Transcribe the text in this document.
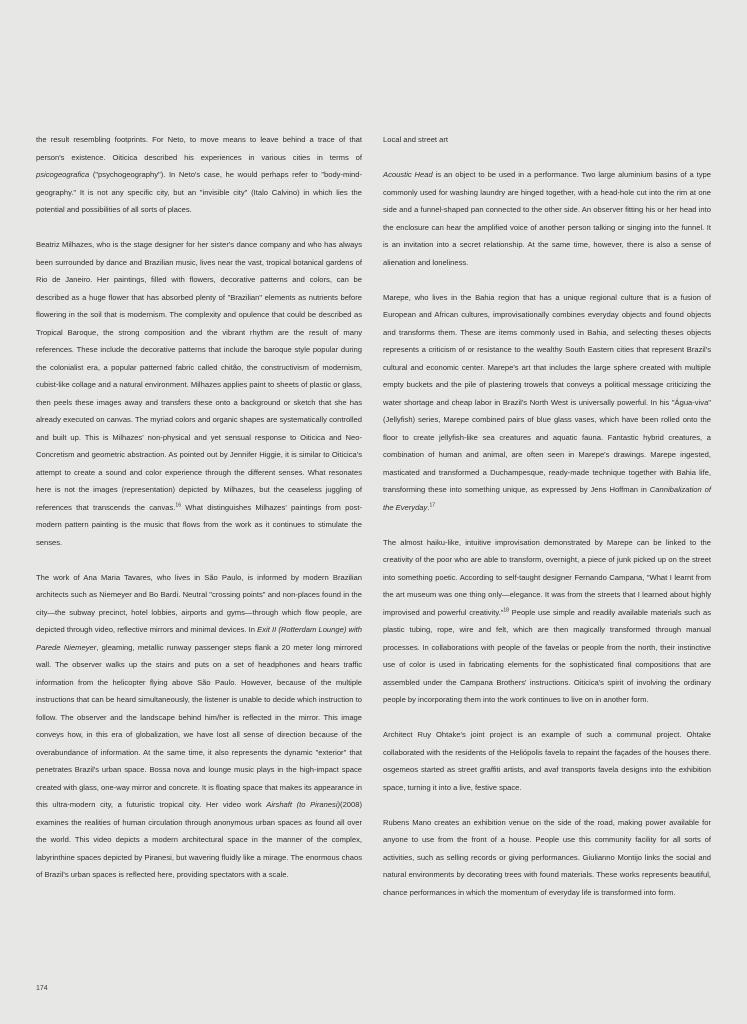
the result resembling footprints. For Neto, to move means to leave behind a trace of that person's existence. Oiticica described his experiences in various cities in terms of psicogeografica ("psychogeography"). In Neto's case, he would perhaps refer to "body-mind-geography." It is not any specific city, but an "invisible city" (Italo Calvino) in which lies the potential and possibilities of all sorts of places.

Beatriz Milhazes, who is the stage designer for her sister's dance company and who has always been surrounded by dance and Brazilian music, lives near the vast, tropical botanical gardens of Rio de Janeiro. Her paintings, filled with flowers, decorative patterns and colors, can be described as a huge flower that has absorbed plenty of "Brazilian" elements as nutrients before flowering in the soil that is modernism. The complexity and opulence that could be described as Tropical Baroque, the strong composition and the vibrant rhythm are the result of many references. These include the decorative patterns that include the baroque style popular during the colonialist era, a popular patterned fabric called chitão, the constructivism of modernism, cubist-like collage and a natural environment. Milhazes applies paint to sheets of plastic or glass, then peels these images away and transfers these onto a background or sketch that she has already executed on canvas. The myriad colors and organic shapes are systematically controlled and built up. This is Milhazes' non-physical and yet sensual response to Oiticica and Neo-Concretism and geometric abstraction. As pointed out by Jennifer Higgie, it is similar to Oiticica's attempt to create a sound and color experience through the different senses. What resonates here is not the images (representation) depicted by Milhazes, but the ceaseless juggling of references that transcends the canvas.$^{16}$ What distinguishes Milhazes' paintings from post-modern pattern painting is the music that flows from the work as it continues to stimulate the senses.

The work of Ana Maria Tavares, who lives in São Paulo, is informed by modern Brazilian architects such as Niemeyer and Bo Bardi. Neutral "crossing points" and non-places found in the city—the subway precinct, hotel lobbies, airports and gyms—through which flow people, are depicted through video, reflective mirrors and minimal devices. In Exit II (Rotterdam Lounge) with Parede Niemeyer, gleaming, metallic runway passenger steps flank a 20 meter long mirrored wall. The observer walks up the stairs and puts on a set of headphones and hears traffic information from the helicopter flying above São Paulo. However, because of the multiple instructions that can be heard simultaneously, the listener is unable to decide which instruction to follow. The observer and the landscape behind him/her is reflected in the mirror. This image conveys how, in this era of globalization, we have lost all sense of direction because of the overabundance of information. At the same time, it also represents the dynamic "exterior" that penetrates Brazil's urban space. Bossa nova and lounge music plays in the high-impact space created with glass, one-way mirror and concrete. It is floating space that makes its appearance in this ultra-modern city, a futuristic tropical city. Her video work Airshaft (to Piranesi)(2008) examines the realities of human circulation through anonymous urban spaces as found all over the world. This video depicts a modern architectural space in the manner of the complex, labyrinthine spaces depicted by Piranesi, but wavering fluidly like a mirage. The enormous chaos of Brazil's urban spaces is reflected here, providing spectators with a scale.

Local and street art

Acoustic Head is an object to be used in a performance. Two large aluminium basins of a type commonly used for washing laundry are hinged together, with a head-hole cut into the rim at one side and a funnel-shaped pan connected to the other side. An observer fitting his or her head into the enclosure can hear the amplified voice of another person talking or singing into the funnel. It is an invitation into a secret relationship. At the same time, however, there is also a sense of alienation and loneliness.

Marepe, who lives in the Bahia region that has a unique regional culture that is a fusion of European and African cultures, improvisationally combines everyday objects and found objects and transforms them. These are items commonly used in Bahia, and selecting theses objects represents a criticism of or resistance to the wealthy South Eastern cities that represent Brazil's cultural and economic center. Marepe's art that includes the large sphere created with multiple empty buckets and the pile of plastering trowels that conveys a political message criticizing the water shortage and cheap labor in Brazil's North West is universally powerful. In his "Água-viva" (Jellyfish) series, Marepe combined pairs of blue glass vases, which have been rolled onto the floor to create jellyfish-like sea creatures and aquatic fauna. Fantastic hybrid creatures, a combination of human and animal, are often seen in Marepe's drawings. Marepe ingested, masticated and transformed a Duchampesque, ready-made technique together with Bahia life, transforming these into something unique, as expressed by Jens Hoffman in Cannibalization of the Everyday.$^{17}$

The almost haiku-like, intuitive improvisation demonstrated by Marepe can be linked to the creativity of the poor who are able to transform, overnight, a piece of junk picked up on the street into something poetic. According to self-taught designer Fernando Campana, "What I learnt from the art museum was one thing only—elegance. It was from the streets that I learned about highly improvised and powerful creativity."$^{18}$ People use simple and readily available materials such as plastic tubing, rope, wire and felt, which are then magically transformed through manual processes. In collaborations with people of the favelas or people from the north, their instinctive use of color is used in fabricating elements for the sophisticated final compositions that are assembled under the Campana Brothers' instructions. Oiticica's spirit of involving the ordinary people by incorporating them into the work continues to live on in another form.

Architect Ruy Ohtake's joint project is an example of such a communal project. Ohtake collaborated with the residents of the Heliópolis favela to repaint the façades of the houses there. osgemeos started as street graffiti artists, and avaf transports favela designs into the exhibition space, turning it into a live, festive space.

Rubens Mano creates an exhibition venue on the side of the road, making power available for anyone to use from the front of a house. People use this community facility for all sorts of activities, such as selling records or giving performances. Giulianno Montijo links the social and natural environments by decorating trees with found materials. These works represents beautiful, chance performances in which the momentum of everyday life is transformed into form.

174
